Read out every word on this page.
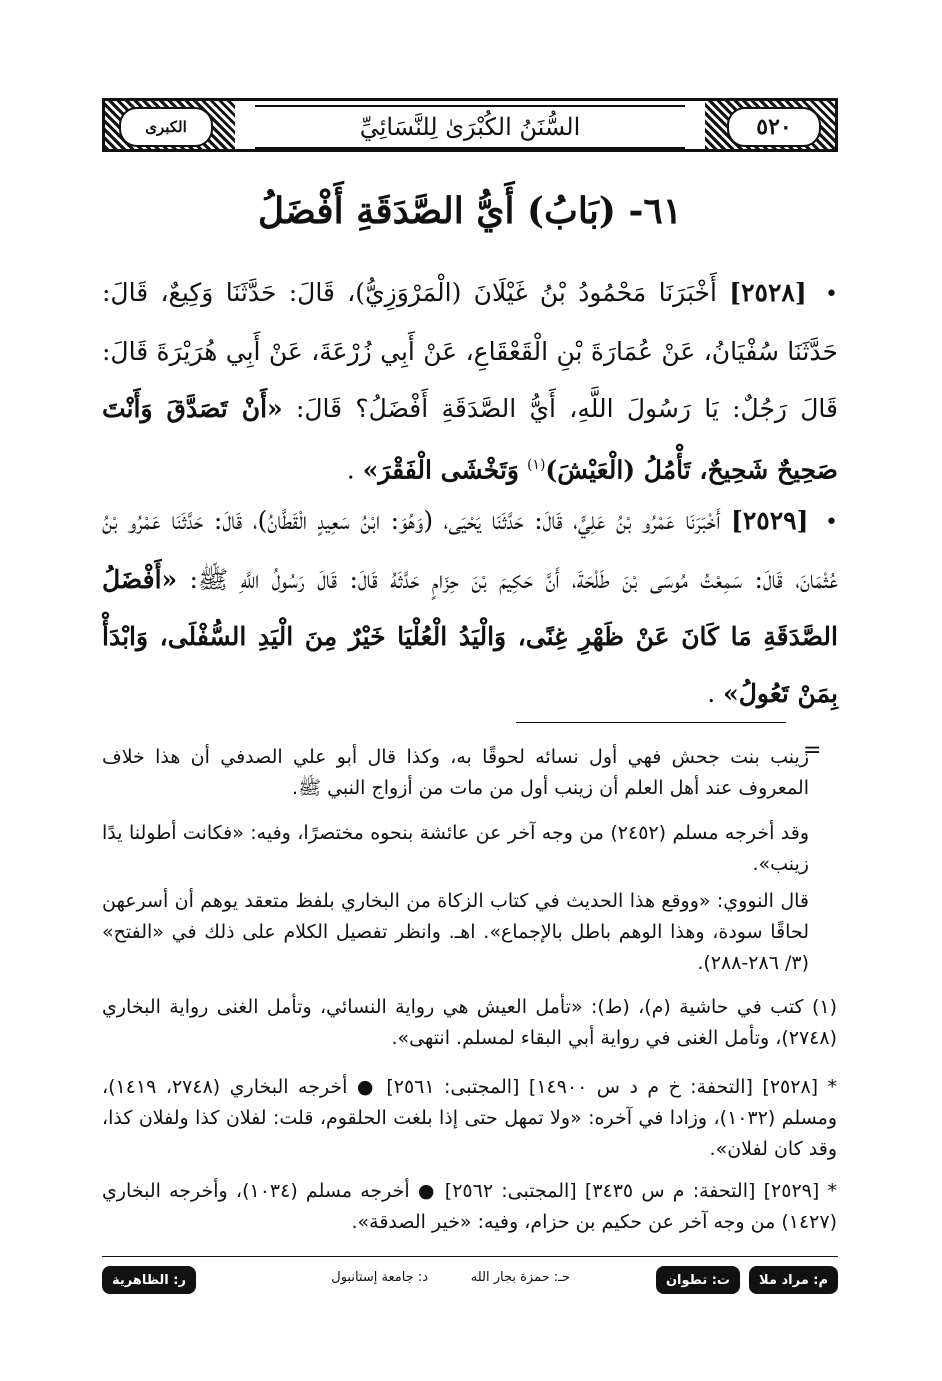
الكبرى	٥٢٠
السُّنَنُ الكُبْرَىٰ لِلنَّسَائِيِّ
٦١- (بَابُ) أَيُّ الصَّدَقَةِ أَفْضَلُ
• [٢٥٢٨] أَخْبَرَنَا مَحْمُودُ بْنُ غَيْلَانَ (الْمَرْوَزِيُّ)، قَالَ: حَدَّثَنَا وَكِيعٌ، قَالَ: حَدَّثَنَا سُفْيَانُ، عَنْ عُمَارَةَ بْنِ الْقَعْقَاعِ، عَنْ أَبِي زُرْعَةَ، عَنْ أَبِي هُرَيْرَةَ قَالَ: قَالَ رَجُلٌ: يَا رَسُولَ اللَّهِ، أَيُّ الصَّدَقَةِ أَفْضَلُ؟ قَالَ: «أَنْ تَصَدَّقَ وَأَنْتَ صَحِيحٌ شَحِيحٌ، تَأْمُلُ (الْعَيْشَ)$^{(١)}$ وَتَخْشَى الْفَقْرَ» .
• [٢٥٢٩] أَخْبَرَنَا عَمْرُو بْنُ عَلِيٍّ، قَالَ: حَدَّثَنَا يَحْيَى، (وَهُوَ: ابْنُ سَعِيدٍ الْقَطَّانُ)، قَالَ: حَدَّثَنَا عَمْرُو بْنُ عُثْمَانَ، قَالَ: سَمِعْتُ مُوسَى بْنَ طَلْحَةَ، أَنَّ حَكِيمَ بْنَ حِزَامٍ حَدَّثَهُ قَالَ: قَالَ رَسُولُ اللَّهِ ﷺ: «أَفْضَلُ الصَّدَقَةِ مَا كَانَ عَنْ ظَهْرِ غِنًى، وَالْيَدُ الْعُلْيَا خَيْرٌ مِنَ الْيَدِ السُّفْلَى، وَابْدَأْ بِمَنْ تَعُولُ» .
=
زينب بنت جحش فهي أول نسائه لحوقًا به، وكذا قال أبو علي الصدفي أن هذا خلاف المعروف عند أهل العلم أن زينب أول من مات من أزواج النبي ﷺ.
وقد أخرجه مسلم (٢٤٥٢) من وجه آخر عن عائشة بنحوه مختصرًا، وفيه: «فكانت أطولنا يدًا زينب».
قال النووي: «ووقع هذا الحديث في كتاب الزكاة من البخاري بلفظ متعقد يوهم أن أسرعهن لحاقًا سودة، وهذا الوهم باطل بالإجماع». اهـ. وانظر تفصيل الكلام على ذلك في «الفتح» (٣/ ٢٨٦-٢٨٨).
(١) كتب في حاشية (م)، (ط): «تأمل العيش هي رواية النسائي، وتأمل الغنى رواية البخاري (٢٧٤٨)، وتأمل الغنى في رواية أبي البقاء لمسلم. انتهى».
* [٢٥٢٨] [التحفة: خ م د س ١٤٩٠٠] [المجتبى: ٢٥٦١] ● أخرجه البخاري (٢٧٤٨، ١٤١٩)، ومسلم (١٠٣٢)، وزادا في آخره: «ولا تمهل حتى إذا بلغت الحلقوم، قلت: لفلان كذا ولفلان كذا، وقد كان لفلان».
* [٢٥٢٩] [التحفة: م س ٣٤٣٥] [المجتبى: ٢٥٦٢] ● أخرجه مسلم (١٠٣٤)، وأخرجه البخاري (١٤٢٧) من وجه آخر عن حكيم بن حزام، وفيه: «خير الصدقة».
م: مراد ملا
ت: تطوان
حـ: حمزة بجار الله
د: جامعة إستانبول
ر: الظاهرية
